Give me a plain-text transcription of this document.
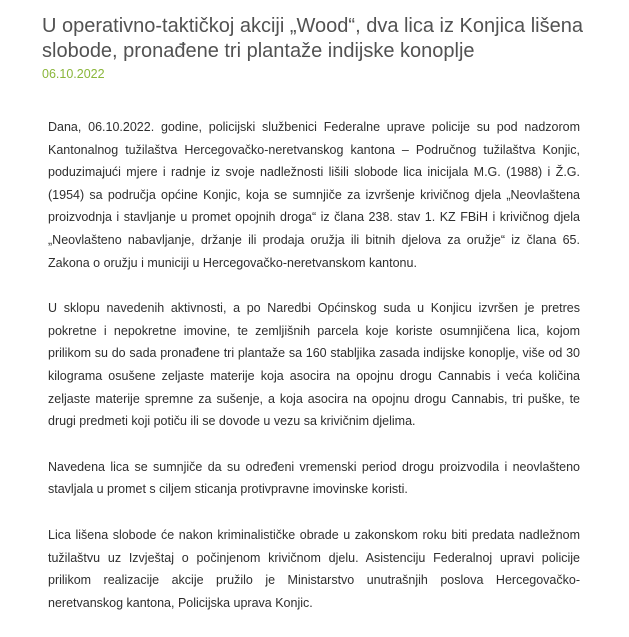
U operativno-taktičkoj akciji „Wood“, dva lica iz Konjica lišena slobode, pronađene tri plantaže indijske konoplje
06.10.2022

Dana, 06.10.2022. godine, policijski službenici Federalne uprave policije su pod nadzorom Kantonalnog tužilaštva Hercegovačko-neretvanskog kantona – Područnog tužilaštva Konjic, poduzimajući mjere i radnje iz svoje nadležnosti lišili slobode lica inicijala M.G. (1988) i Ž.G. (1954) sa područja općine Konjic, koja se sumnjiče za izvršenje krivičnog djela „Neovlaštena proizvodnja i stavljanje u promet opojnih droga“ iz člana 238. stav 1. KZ FBiH i krivičnog djela „Neovlašteno nabavljanje, držanje ili prodaja oružja ili bitnih djelova za oružje“ iz člana 65. Zakona o oružju i municiji u Hercegovačko-neretvanskom kantonu.

U sklopu navedenih aktivnosti, a po Naredbi Općinskog suda u Konjicu izvršen je pretres pokretne i nepokretne imovine, te zemljišnih parcela koje koriste osumnjičena lica, kojom prilikom su do sada pronađene tri plantaže sa 160 stabljika zasada indijske konoplje, više od 30 kilograma osušene zeljaste materije koja asocira na opojnu drogu Cannabis i veća količina zeljaste materije spremne za sušenje, a koja asocira na opojnu drogu Cannabis, tri puške, te drugi predmeti koji potiču ili se dovode u vezu sa krivičnim djelima.

Navedena lica se sumnjiče da su određeni vremenski period drogu proizvodila i neovlašteno stavljala u promet s ciljem sticanja protivpravne imovinske koristi.

Lica lišena slobode će nakon kriminalističke obrade u zakonskom roku biti predata nadležnom tužilaštvu uz Izvještaj o počinjenom krivičnom djelu. Asistenciju Federalnoj upravi policije prilikom realizacije akcije pružilo je Ministarstvo unutrašnjih poslova Hercegovačko-neretvanskog kantona, Policijska uprava Konjic.
